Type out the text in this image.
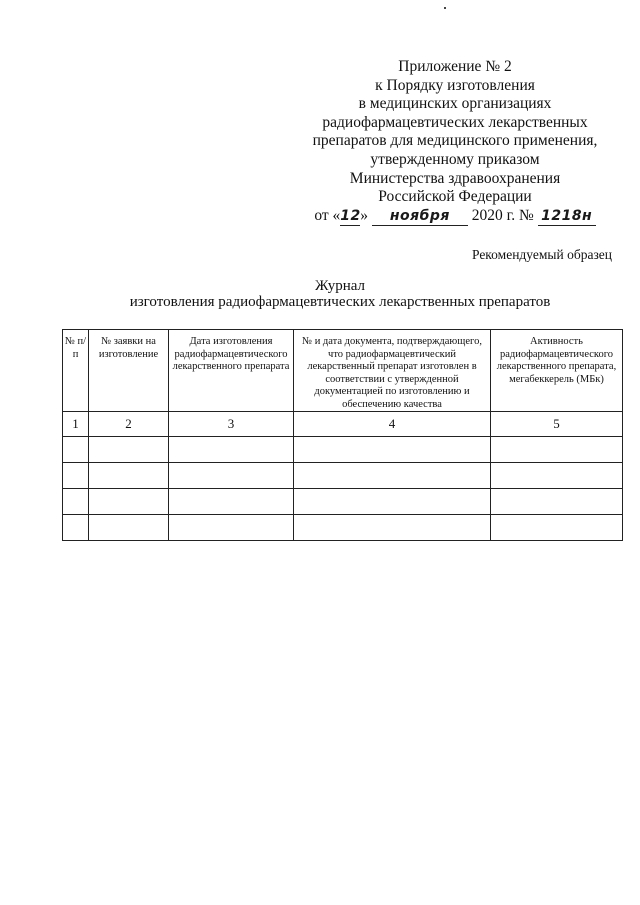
Приложение № 2
к Порядку изготовления
в медицинских организациях
радиофармацевтических лекарственных
препаратов для медицинского применения,
утвержденному приказом
Министерства здравоохранения
Российской Федерации
от «12» ноября 2020 г. № 1218н
Рекомендуемый образец
Журнал
изготовления радиофармацевтических лекарственных препаратов
№ п/п	№ заявки на изготовление	Дата изготовления радиофармацевтического лекарственного препарата	№ и дата документа, подтверждающего, что радиофармацевтический лекарственный препарат изготовлен в соответствии с утвержденной документацией по изготовлению и обеспечению качества	Активность радиофармацевтического лекарственного препарата, мегабеккерель (МБк)
1	2	3	4	5
